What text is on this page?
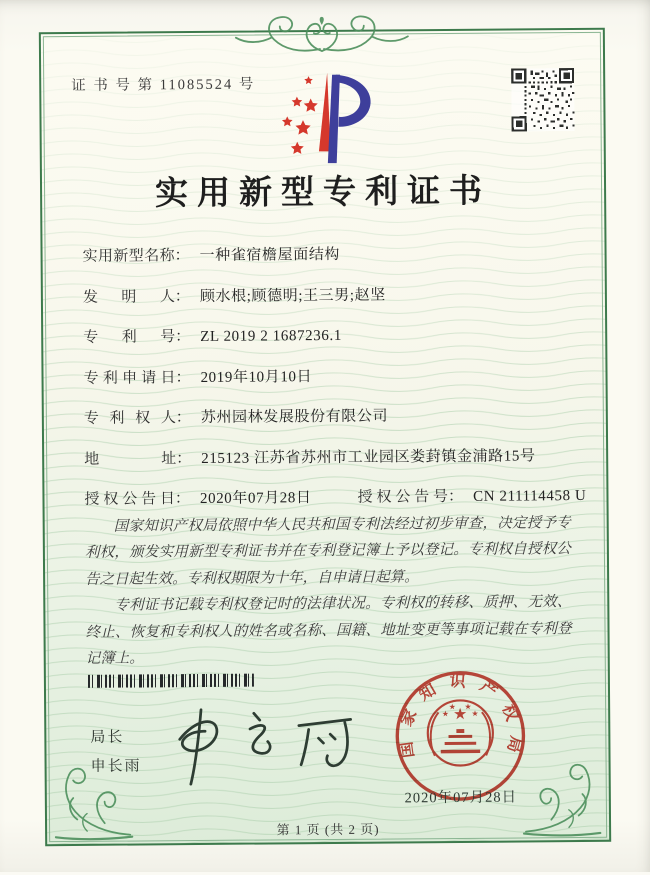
证 书 号 第 11085524 号
实用新型专利证书
实用新型名称 ： 一种雀宿檐屋面结构
发明人 ： 顾水根;顾德明;王三男;赵坚
专利号 ： ZL 2019 2 1687236.1
专利申请日 ： 2019年10月10日
专利权人 ： 苏州园林发展股份有限公司
地址 ： 215123 江苏省苏州市工业园区娄葑镇金浦路15号
授权公告日 ： 2020年07月28日	授权公告号 ： CN 211114458 U

国家知识产权局依照中华人民共和国专利法经过初步审查，决定授予专利权，颁发实用新型专利证书并在专利登记簿上予以登记。专利权自授权公告之日起生效。专利权期限为十年，自申请日起算。

专利证书记载专利权登记时的法律状况。专利权的转移、质押、无效、终止、恢复和专利权人的姓名或名称、国籍、地址变更等事项记载在专利登记簿上。

局长
申长雨
国家知识产权局
★
★
★ ★
★
2020年07月28日
第 1 页 (共 2 页)
